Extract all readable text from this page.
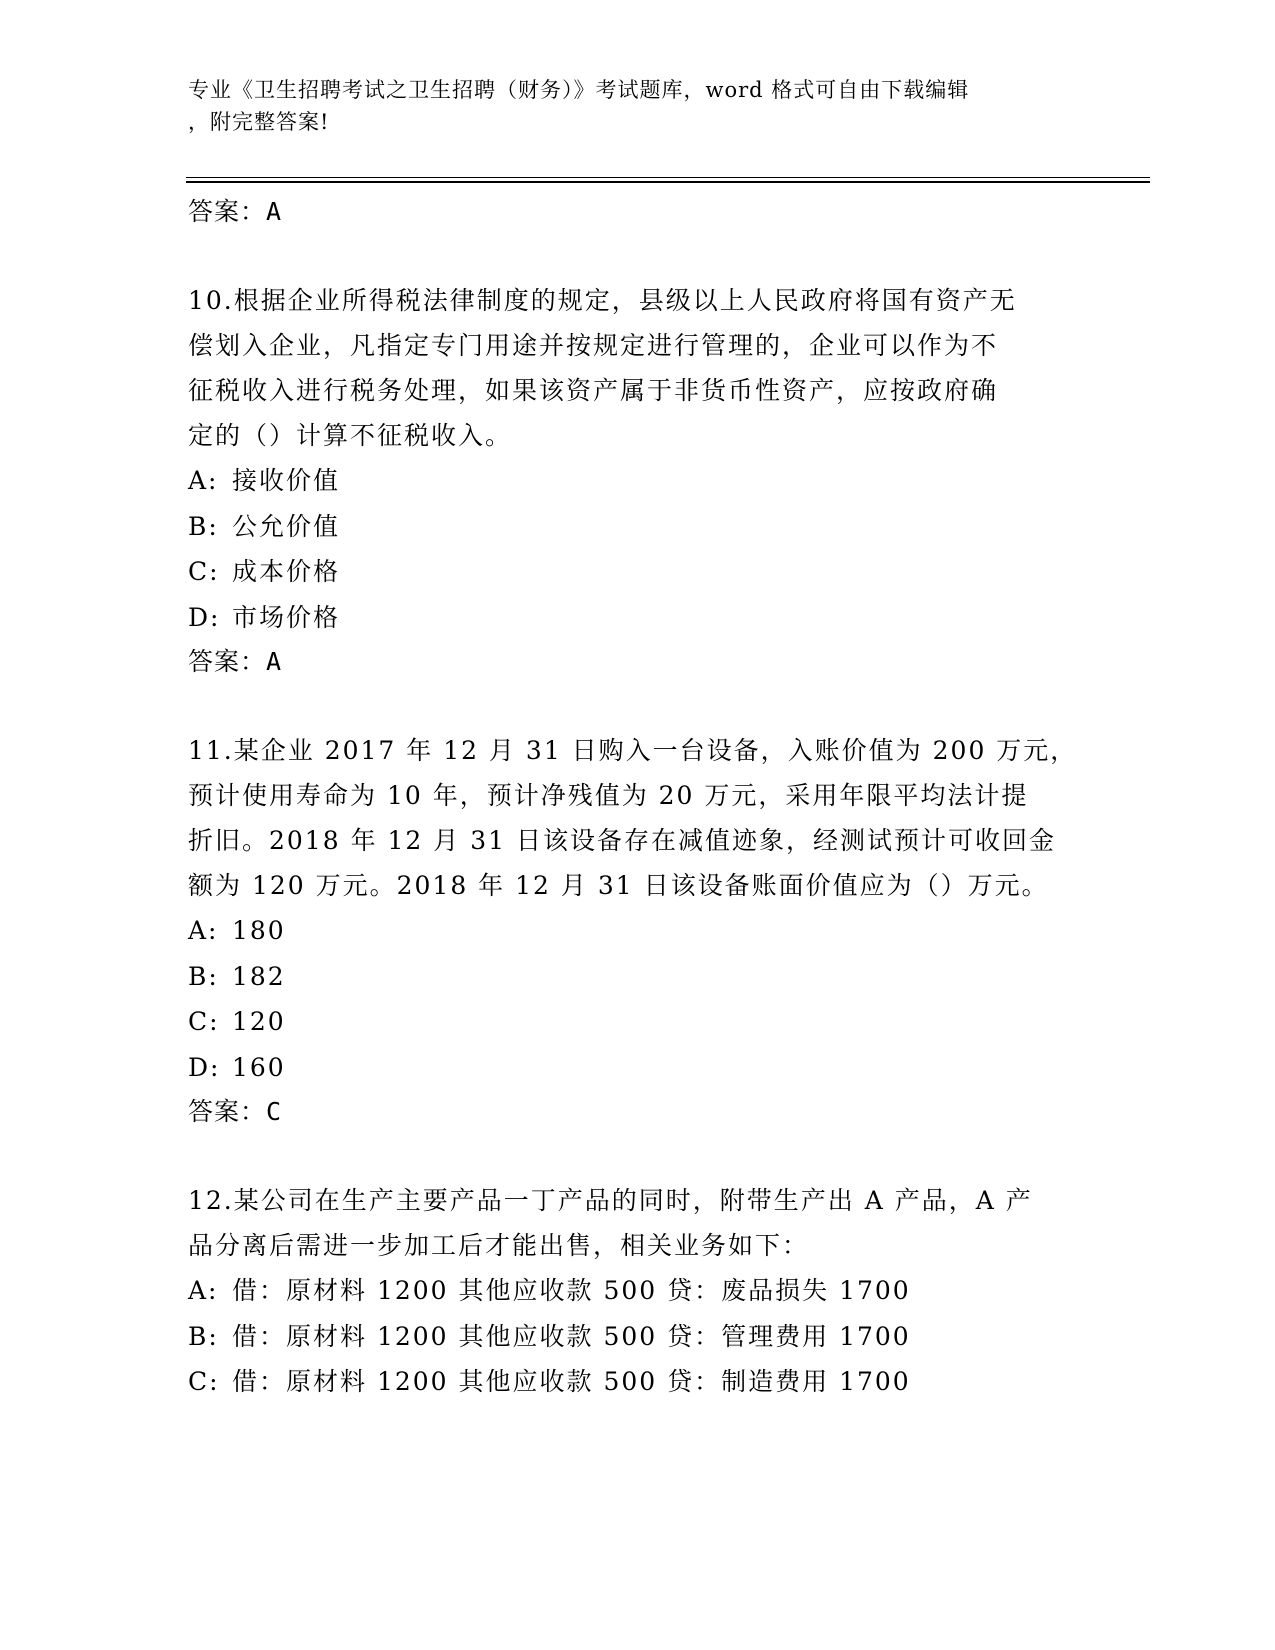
专业《卫生招聘考试之卫生招聘（财务）》考试题库，word 格式可自由下载编辑
，附完整答案!
答案：A
10.根据企业所得税法律制度的规定，县级以上人民政府将国有资产无
偿划入企业，凡指定专门用途并按规定进行管理的，企业可以作为不
征税收入进行税务处理，如果该资产属于非货币性资产，应按政府确
定的（）计算不征税收入。
A: 接收价值
B: 公允价值
C: 成本价格
D: 市场价格
答案：A
11.某企业 2017 年 12 月 31 日购入一台设备，入账价值为 200 万元，
预计使用寿命为 10 年，预计净残值为 20 万元，采用年限平均法计提
折旧。2018 年 12 月 31 日该设备存在减值迹象，经测试预计可收回金
额为 120 万元。2018 年 12 月 31 日该设备账面价值应为（）万元。
A: 180
B: 182
C: 120
D: 160
答案：C
12.某公司在生产主要产品一丁产品的同时，附带生产出 A 产品，A 产
品分离后需进一步加工后才能出售，相关业务如下：
A: 借：原材料 1200 其他应收款 500 贷：废品损失 1700
B: 借：原材料 1200 其他应收款 500 贷：管理费用 1700
C: 借：原材料 1200 其他应收款 500 贷：制造费用 1700
